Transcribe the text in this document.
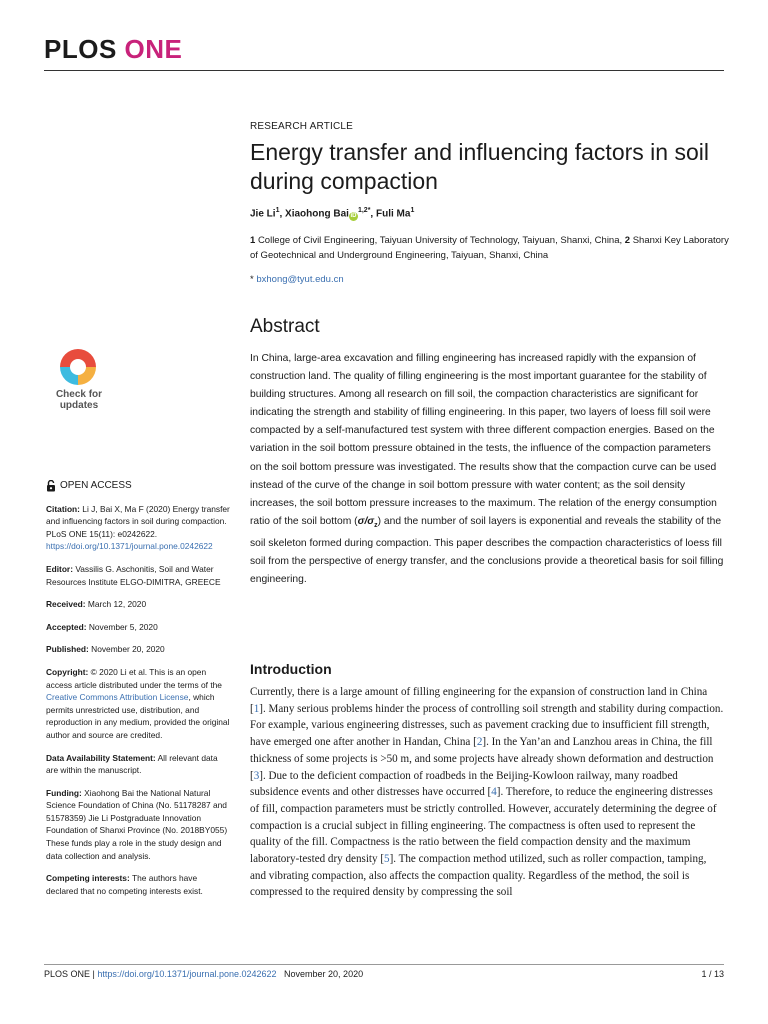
PLOS ONE
RESEARCH ARTICLE
Energy transfer and influencing factors in soil during compaction
Jie Li$^1$, Xiaohong Bai $iD^{1,2*}$, Fuli Ma$^1$
1 College of Civil Engineering, Taiyuan University of Technology, Taiyuan, Shanxi, China, 2 Shanxi Key Laboratory of Geotechnical and Underground Engineering, Taiyuan, Shanxi, China
* bxhong@tyut.edu.cn
Check for
updates
Abstract

In China, large-area excavation and filling engineering has increased rapidly with the expansion of construction land. The quality of filling engineering is the most important guarantee for the stability of building structures. Among all research on fill soil, the compaction characteristics are significant for indicating the strength and stability of filling engineering. In this paper, two layers of loess fill soil were compacted by a self-manufactured test system with three different compaction energies. Based on the variation in the soil bottom pressure obtained in the tests, the influence of the compaction parameters on the soil bottom pressure was investigated. The results show that the compaction curve can be used instead of the curve of the change in soil bottom pressure with water content; as the soil density increases, the soil bottom pressure increases to the maximum. The relation of the energy consumption ratio of the soil bottom $(\sigma/\sigma_z)$ and the number of soil layers is exponential and reveals the stability of the soil skeleton formed during compaction. This paper describes the compaction characteristics of loess fill soil from the perspective of energy transfer, and the conclusions provide a theoretical basis for soil filling engineering.

OPEN ACCESS

Citation: Li J, Bai X, Ma F (2020) Energy transfer and influencing factors in soil during compaction. PLoS ONE 15(11): e0242622. https://doi.org/10.1371/journal.pone.0242622

Editor: Vassilis G. Aschonitis, Soil and Water Resources Institute ELGO-DIMITRA, GREECE

Received: March 12, 2020

Accepted: November 5, 2020

Published: November 20, 2020

Copyright: © 2020 Li et al. This is an open access article distributed under the terms of the Creative Commons Attribution License, which permits unrestricted use, distribution, and reproduction in any medium, provided the original author and source are credited.

Data Availability Statement: All relevant data are within the manuscript.

Funding: Xiaohong Bai the National Natural Science Foundation of China (No. 51178287 and 51578359) Jie Li Postgraduate Innovation Foundation of Shanxi Province (No. 2018BY055) These funds play a role in the study design and data collection and analysis.

Competing interests: The authors have declared that no competing interests exist.

Introduction

Currently, there is a large amount of filling engineering for the expansion of construction land in China [1]. Many serious problems hinder the process of controlling soil strength and stability during compaction. For example, various engineering distresses, such as pavement cracking due to insufficient fill strength, have emerged one after another in Handan, China [2]. In the Yan’an and Lanzhou areas in China, the fill thickness of some projects is >50 m, and some projects have already shown deformation and destruction [3]. Due to the deficient compaction of roadbeds in the Beijing-Kowloon railway, many roadbed subsidence events and other distresses have occurred [4]. Therefore, to reduce the engineering distresses of fill, compaction parameters must be strictly controlled. However, accurately determining the degree of compaction is a crucial subject in filling engineering. The compactness is often used to represent the quality of the fill. Compactness is the ratio between the field compaction density and the maximum laboratory-tested dry density [5]. The compaction method utilized, such as roller compaction, tamping, and vibrating compaction, also affects the compaction quality. Regardless of the method, the soil is compressed to the required density by compressing the soil

PLOS ONE | https://doi.org/10.1371/journal.pone.0242622 November 20, 2020	1 / 13
